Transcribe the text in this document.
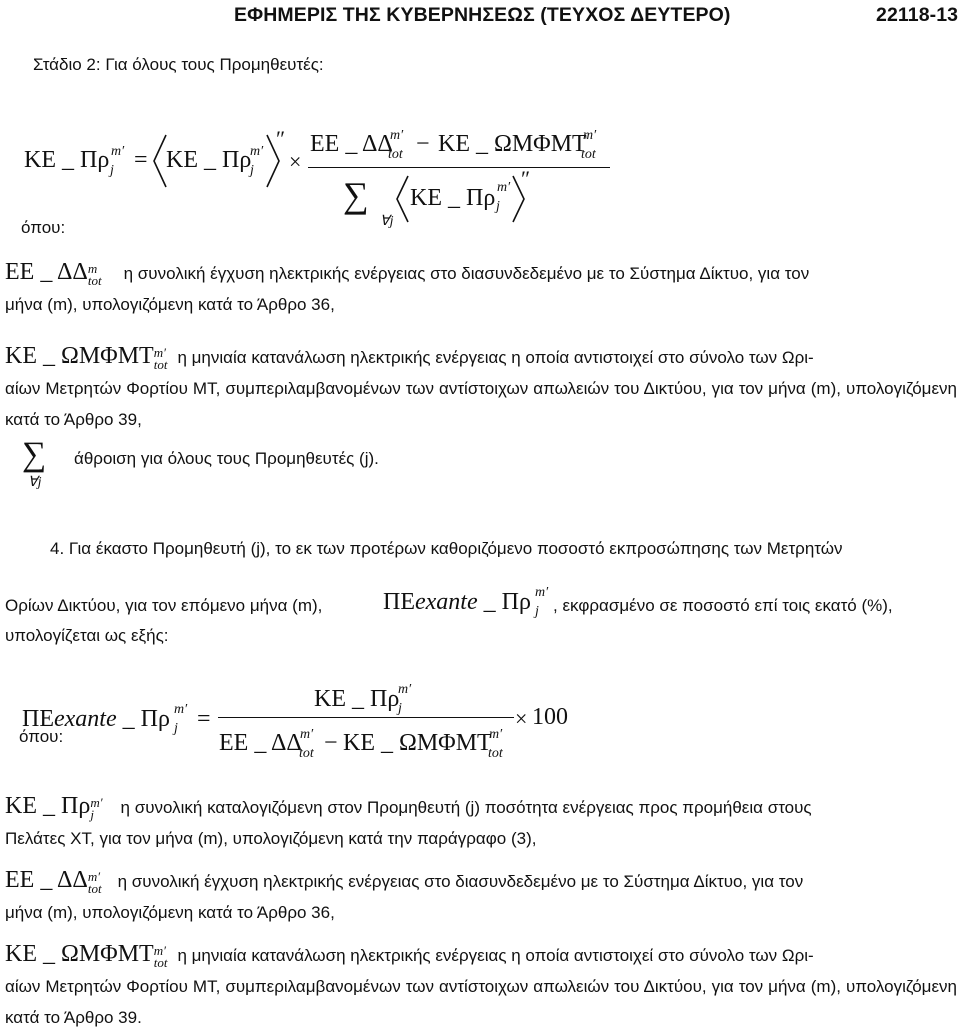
ΕΦΗΜΕΡΙΣ ΤΗΣ ΚΥΒΕΡΝΗΣΕΩΣ (ΤΕΥΧΟΣ ΔΕΥΤΕΡΟ)	22118-13
Στάδιο 2: Για όλους τους Προμηθευτές:
ΚΕ _ Πρ m′
j = ΚΕ _ Πρ
m′
j
″
×
ΕΕ _ ΔΔ
m′
tot − ΚΕ _ ΩΜΦΜΤ
m′
tot
∑
∀j
ΚΕ _ Πρ m′
j
″
όπου:
ΕΕ _ ΔΔ m
tot η συνολική έγχυση ηλεκτρικής ενέργειας στο διασυνδεδεμένο με το Σύστημα Δίκτυο, για τον
μήνα (m), υπολογιζόμενη κατά το Άρθρο 36,
ΚΕ _ ΩΜΦΜΤ m′
tot η μηνιαία κατανάλωση ηλεκτρικής ενέργειας η οποία αντιστοιχεί στο σύνολο των Ωρι-
αίων Μετρητών Φορτίου ΜΤ, συμπεριλαμβανομένων των αντίστοιχων απωλειών του Δικτύου, για τον μήνα (m), υπολογιζόμενη κατά το Άρθρο 39,
∑
∀j
άθροιση για όλους τους Προμηθευτές (j).
4. Για έκαστο Προμηθευτή (j), το εκ των προτέρων καθοριζόμενο ποσοστό εκπροσώπησης των Μετρητών
Ορίων Δικτύου, για τον επόμενο μήνα (m),	ΠΕexante _ Πρ m′
j , εκφρασμένο σε ποσοστό επί τοις εκατό (%),
υπολογίζεται ως εξής:
ΠΕexante _ Πρ m′
j =
ΚΕ _ Πρ
m′
j
ΕΕ _ ΔΔ
m′
tot − ΚΕ _ ΩΜΦΜΤ
m′
tot
× 100
όπου:
ΚΕ _ Πρ m′
j	η συνολική καταλογιζόμενη στον Προμηθευτή (j) ποσότητα ενέργειας προς προμήθεια στους
Πελάτες ΧΤ, για τον μήνα (m), υπολογιζόμενη κατά την παράγραφο (3),
ΕΕ _ ΔΔ m′
tot η συνολική έγχυση ηλεκτρικής ενέργειας στο διασυνδεδεμένο με το Σύστημα Δίκτυο, για τον
μήνα (m), υπολογιζόμενη κατά το Άρθρο 36,
ΚΕ _ ΩΜΦΜΤ m′
tot η μηνιαία κατανάλωση ηλεκτρικής ενέργειας η οποία αντιστοιχεί στο σύνολο των Ωρι-
αίων Μετρητών Φορτίου ΜΤ, συμπεριλαμβανομένων των αντίστοιχων απωλειών του Δικτύου, για τον μήνα (m), υπολογιζόμενη κατά το Άρθρο 39.
